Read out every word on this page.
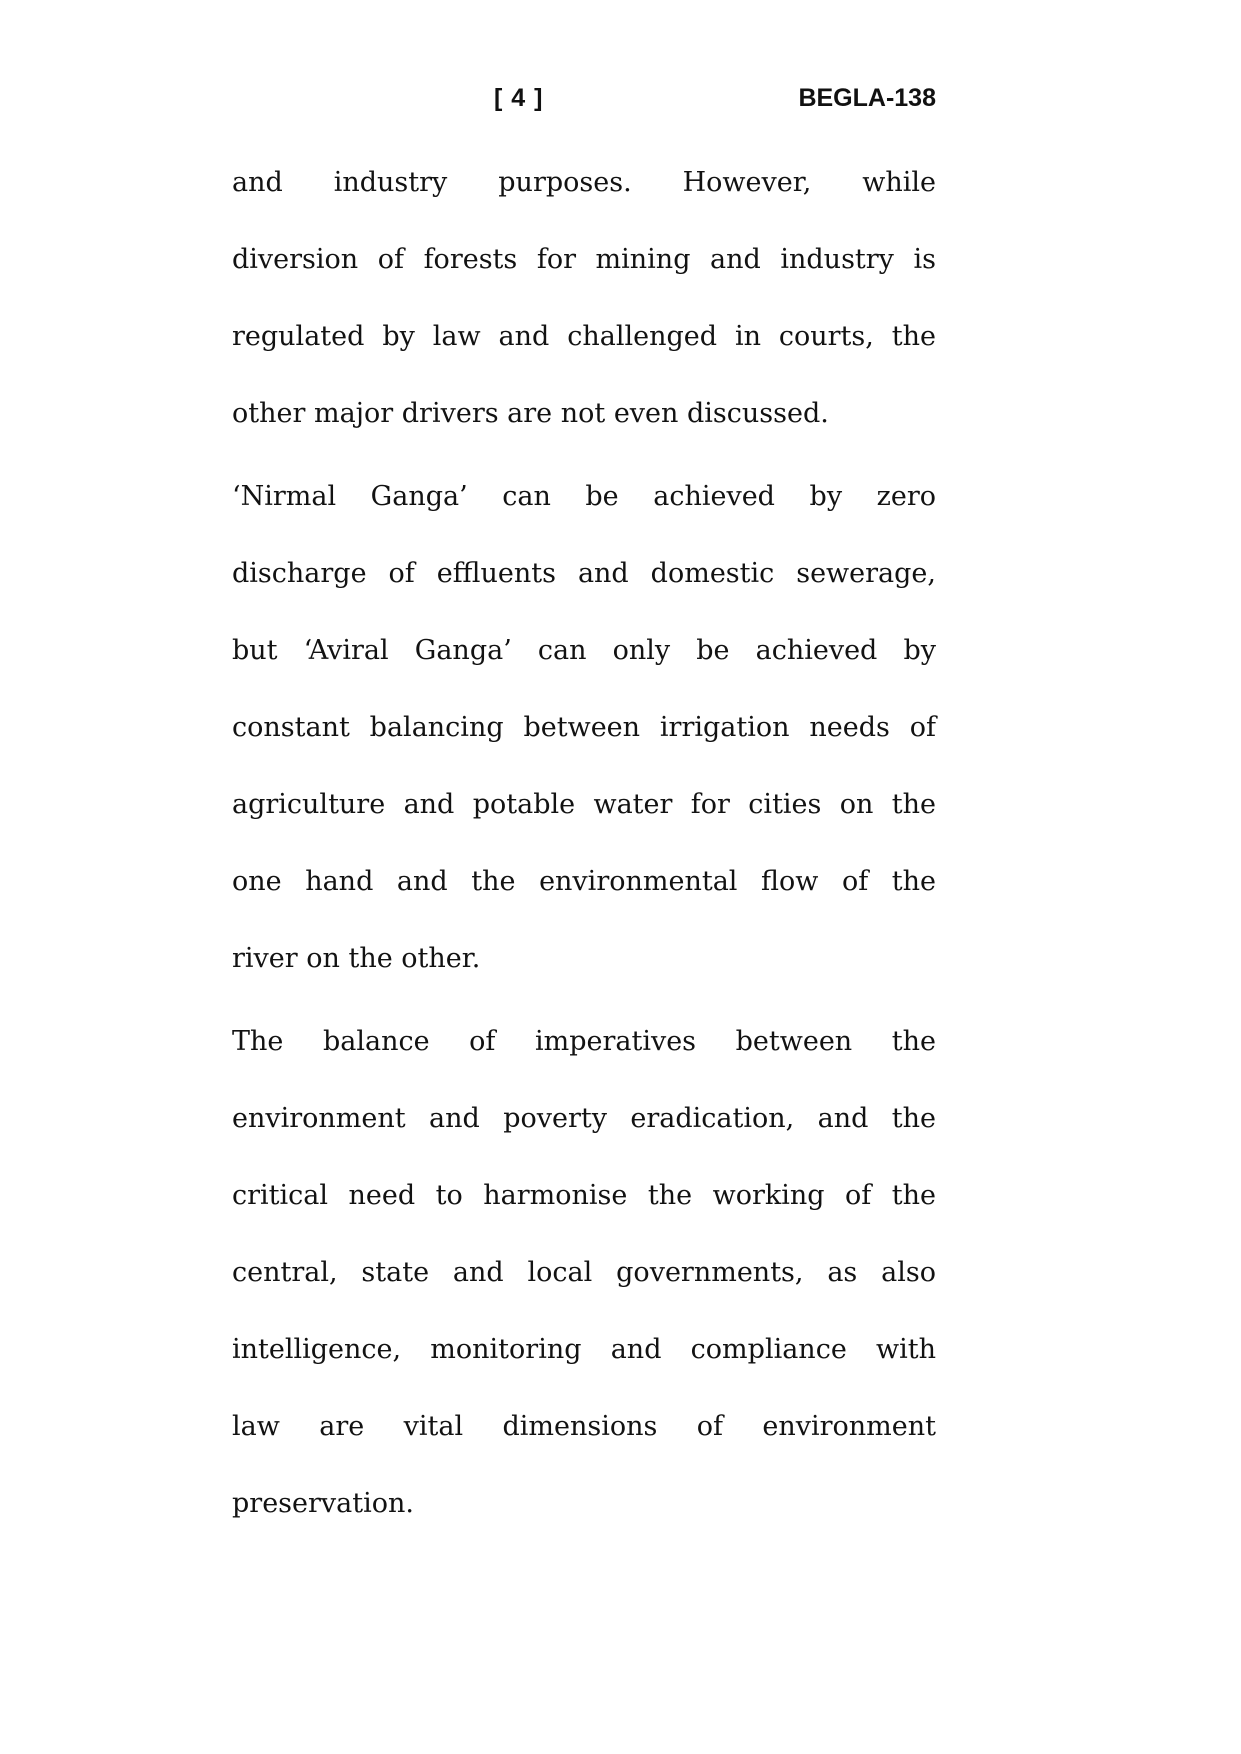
[ 4 ]	BEGLA-138
and industry purposes. However, while
diversion of forests for mining and industry is
regulated by law and challenged in courts, the
other major drivers are not even discussed.
‘Nirmal Ganga’ can be achieved by zero
discharge of effluents and domestic sewerage,
but ‘Aviral Ganga’ can only be achieved by
constant balancing between irrigation needs of
agriculture and potable water for cities on the
one hand and the environmental flow of the
river on the other.
The balance of imperatives between the
environment and poverty eradication, and the
critical need to harmonise the working of the
central, state and local governments, as also
intelligence, monitoring and compliance with
law are vital dimensions of environment
preservation.
